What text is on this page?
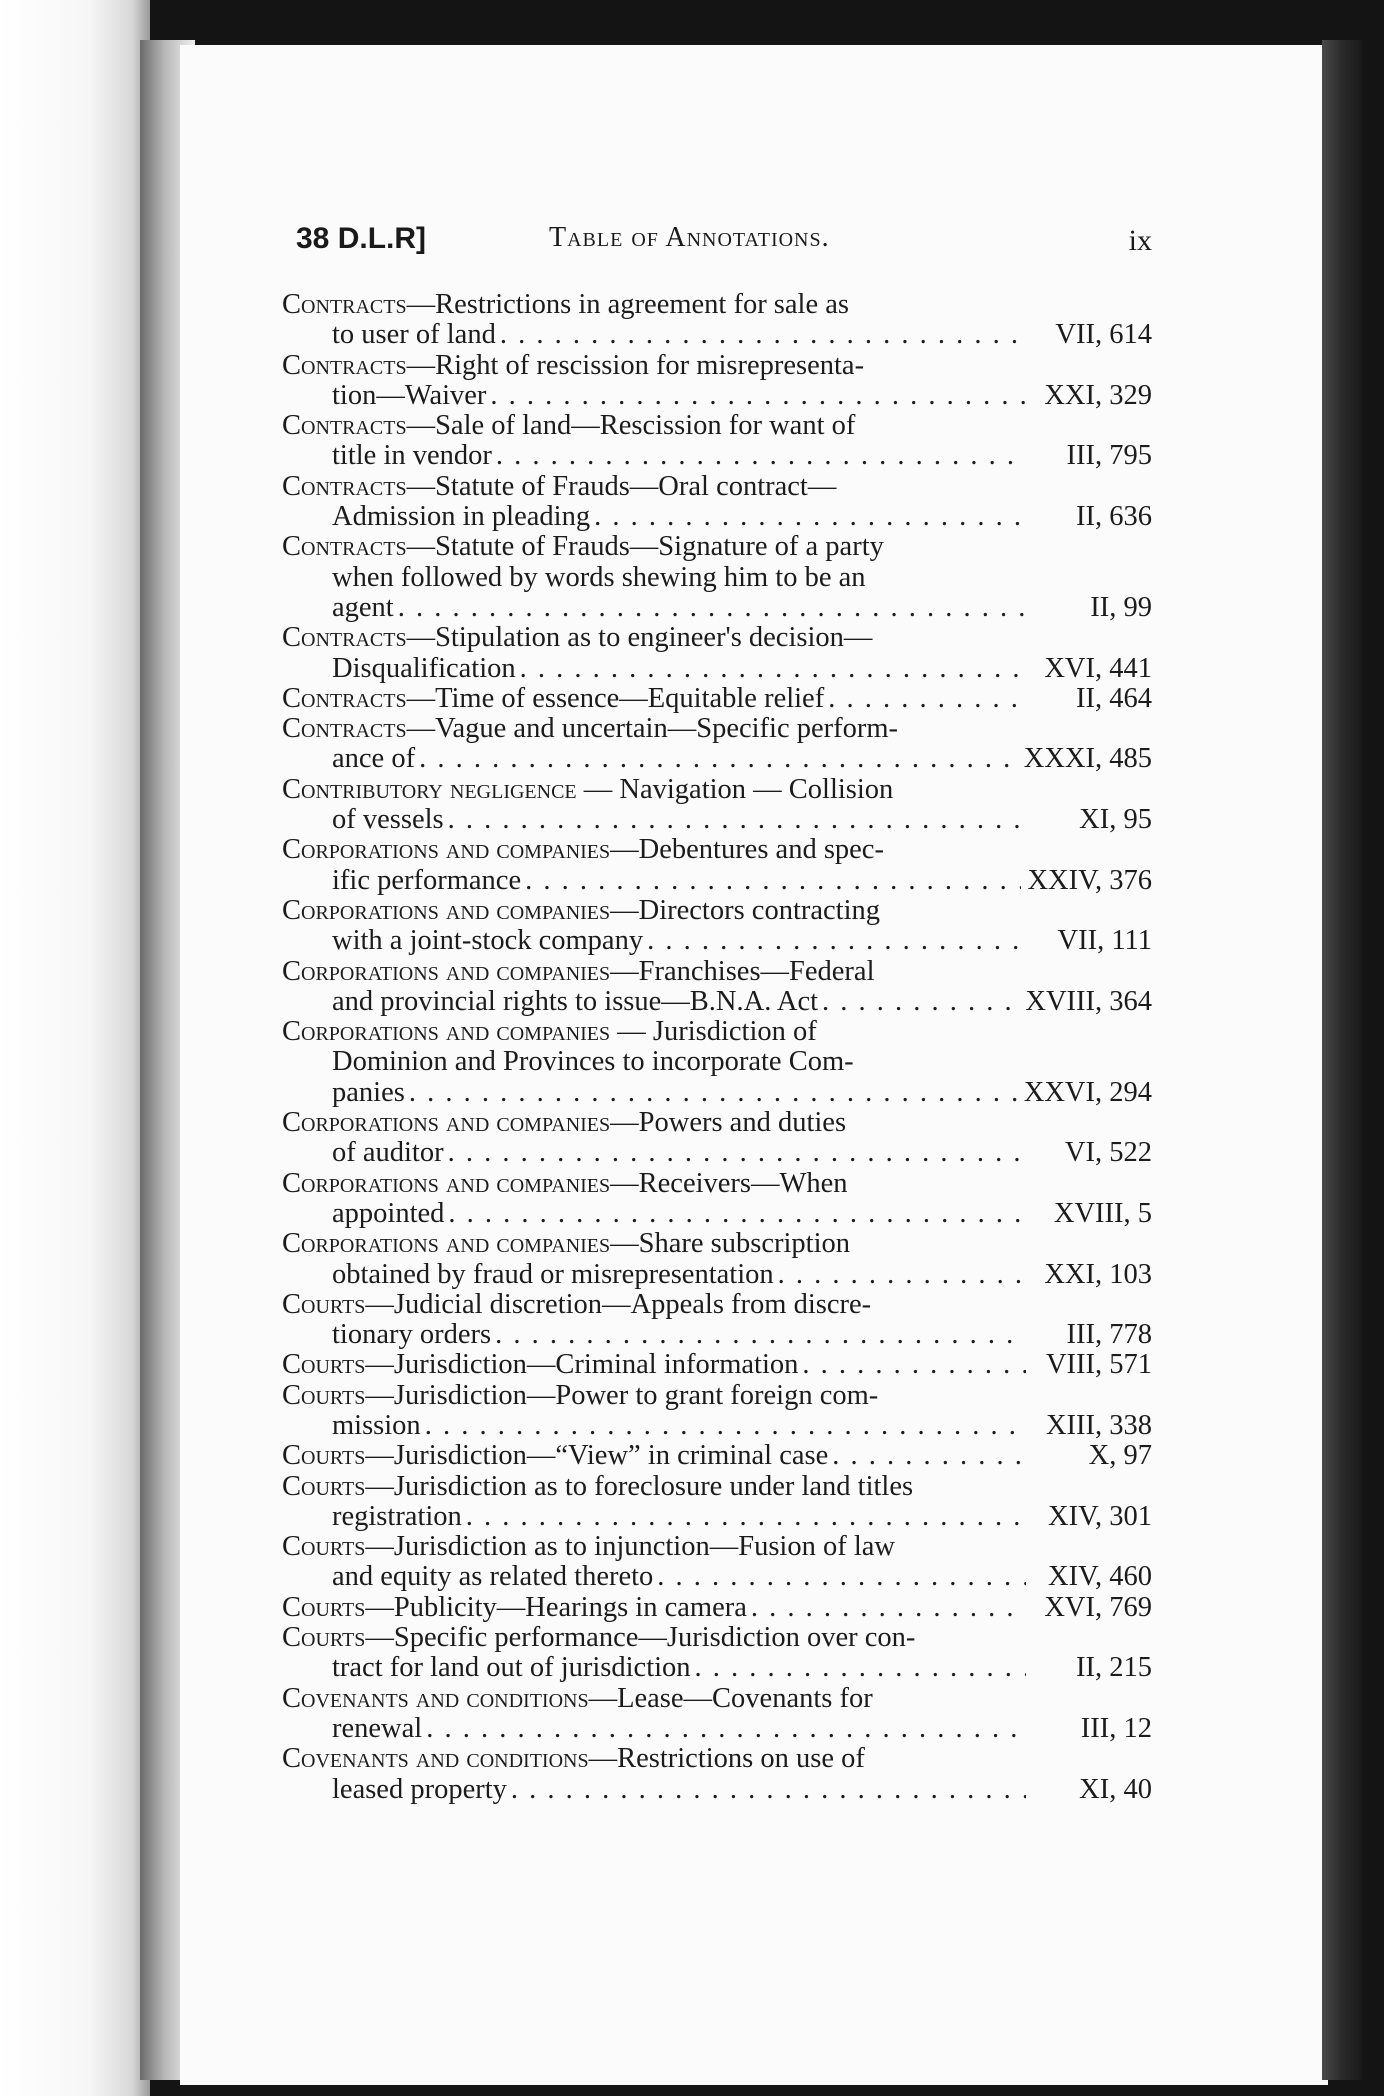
38 D.L.R]	Table of Annotations.	ix
Contracts—Restrictions in agreement for sale as
to user of land . . .	VII, 614
Contracts—Right of rescission for misrepresenta-
tion—Waiver . . .	XXI, 329
Contracts—Sale of land—Rescission for want of
title in vendor . . .	III, 795
Contracts—Statute of Frauds—Oral contract—
Admission in pleading . . .	II, 636
Contracts—Statute of Frauds—Signature of a party
when followed by words shewing him to be an
agent . . .	II, 99
Contracts—Stipulation as to engineer's decision—
Disqualification . . .	XVI, 441
Contracts—Time of essence—Equitable relief . . .	II, 464
Contracts—Vague and uncertain—Specific perform-
ance of . . .	XXXI, 485
Contributory negligence — Navigation — Collision
of vessels . . .	XI, 95
Corporations and companies—Debentures and spec-
ific performance . . .	XXIV, 376
Corporations and companies—Directors contracting
with a joint-stock company . . .	VII, 111
Corporations and companies—Franchises—Federal
and provincial rights to issue—B.N.A. Act . . .	XVIII, 364
Corporations and companies — Jurisdiction of
Dominion and Provinces to incorporate Com-
panies . . .	XXVI, 294
Corporations and companies—Powers and duties
of auditor . . .	VI, 522
Corporations and companies—Receivers—When
appointed . . .	XVIII, 5
Corporations and companies—Share subscription
obtained by fraud or misrepresentation . . .	XXI, 103
Courts—Judicial discretion—Appeals from discre-
tionary orders . . .	III, 778
Courts—Jurisdiction—Criminal information . . .	VIII, 571
Courts—Jurisdiction—Power to grant foreign com-
mission . . .	XIII, 338
Courts—Jurisdiction—“View” in criminal case . . .	X, 97
Courts—Jurisdiction as to foreclosure under land titles
registration . . .	XIV, 301
Courts—Jurisdiction as to injunction—Fusion of law
and equity as related thereto . . .	XIV, 460
Courts—Publicity—Hearings in camera . . .	XVI, 769
Courts—Specific performance—Jurisdiction over con-
tract for land out of jurisdiction . . .	II, 215
Covenants and conditions—Lease—Covenants for
renewal . . .	III, 12
Covenants and conditions—Restrictions on use of
leased property . . .	XI, 40
